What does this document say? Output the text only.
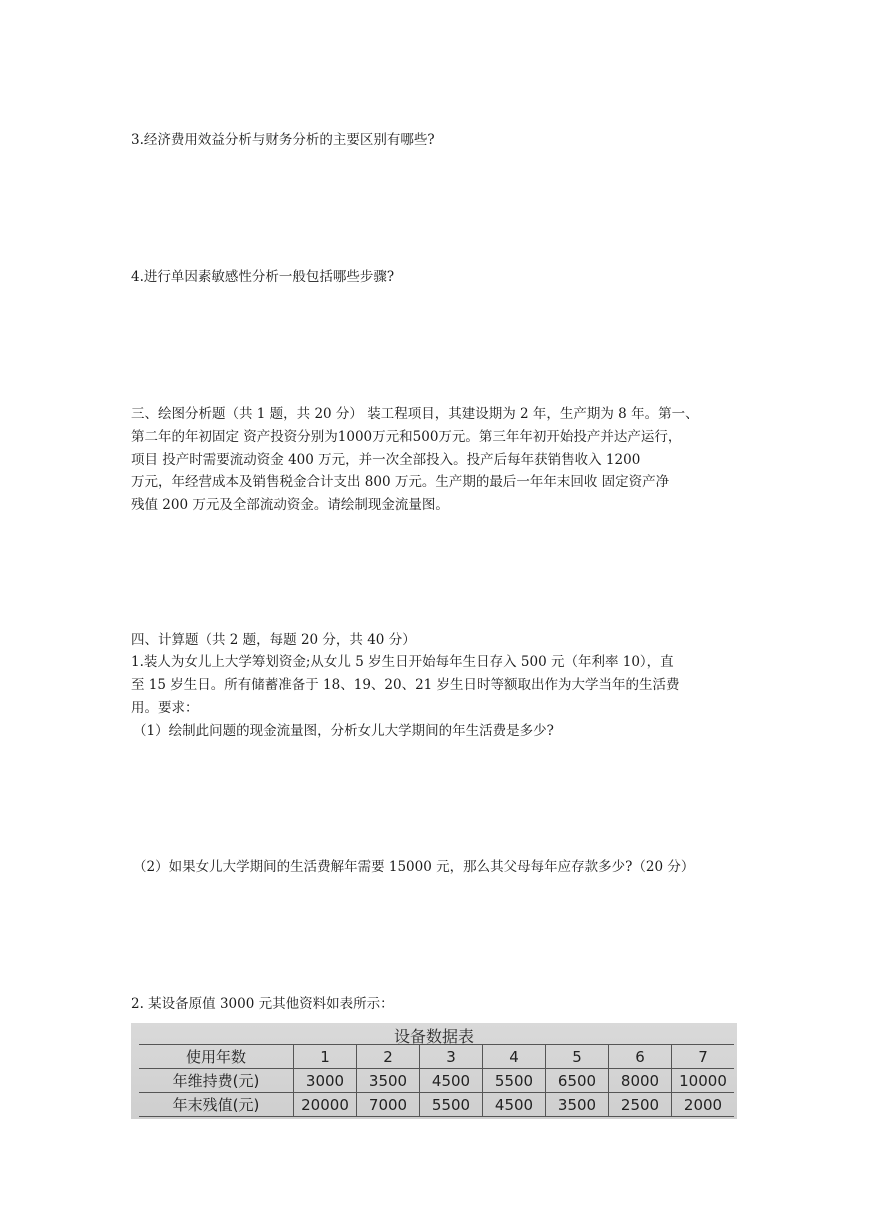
3.经济费用效益分析与财务分析的主要区别有哪些?
4.进行单因素敏感性分析一般包括哪些步骤?
三、绘图分析题（共 1 题，共 20 分） 装工程项目，其建设期为 2 年，生产期为 8 年。第一、
第二年的年初固定 资产投资分别为1000万元和500万元。第三年年初开始投产并达产运行，
项目 投产时需要流动资金 400 万元，并一次全部投入。投产后每年获销售收入 1200
万元，年经营成本及销售税金合计支出 800 万元。生产期的最后一年年末回收 固定资产净
残值 200 万元及全部流动资金。请绘制现金流量图。
四、计算题（共 2 题，每题 20 分，共 40 分）
1.装人为女儿上大学筹划资金;从女儿 5 岁生日开始每年生日存入 500 元（年利率 10），直
至 15 岁生日。所有储蓄准备于 18、19、20、21 岁生日时等额取出作为大学当年的生活费
用。要求：
（1）绘制此问题的现金流量图，分析女儿大学期间的年生活费是多少?
（2）如果女儿大学期间的生活费解年需要 15000 元，那么其父母每年应存款多少?（20 分）
2. 某设备原值 3000 元其他资料如表所示：
设备数据表
使用年数	1	2	3	4	5	6	7
年维持费(元)	3000	3500	4500	5500	6500	8000	10000
年末残值(元)	20000	7000	5500	4500	3500	2500	2000
